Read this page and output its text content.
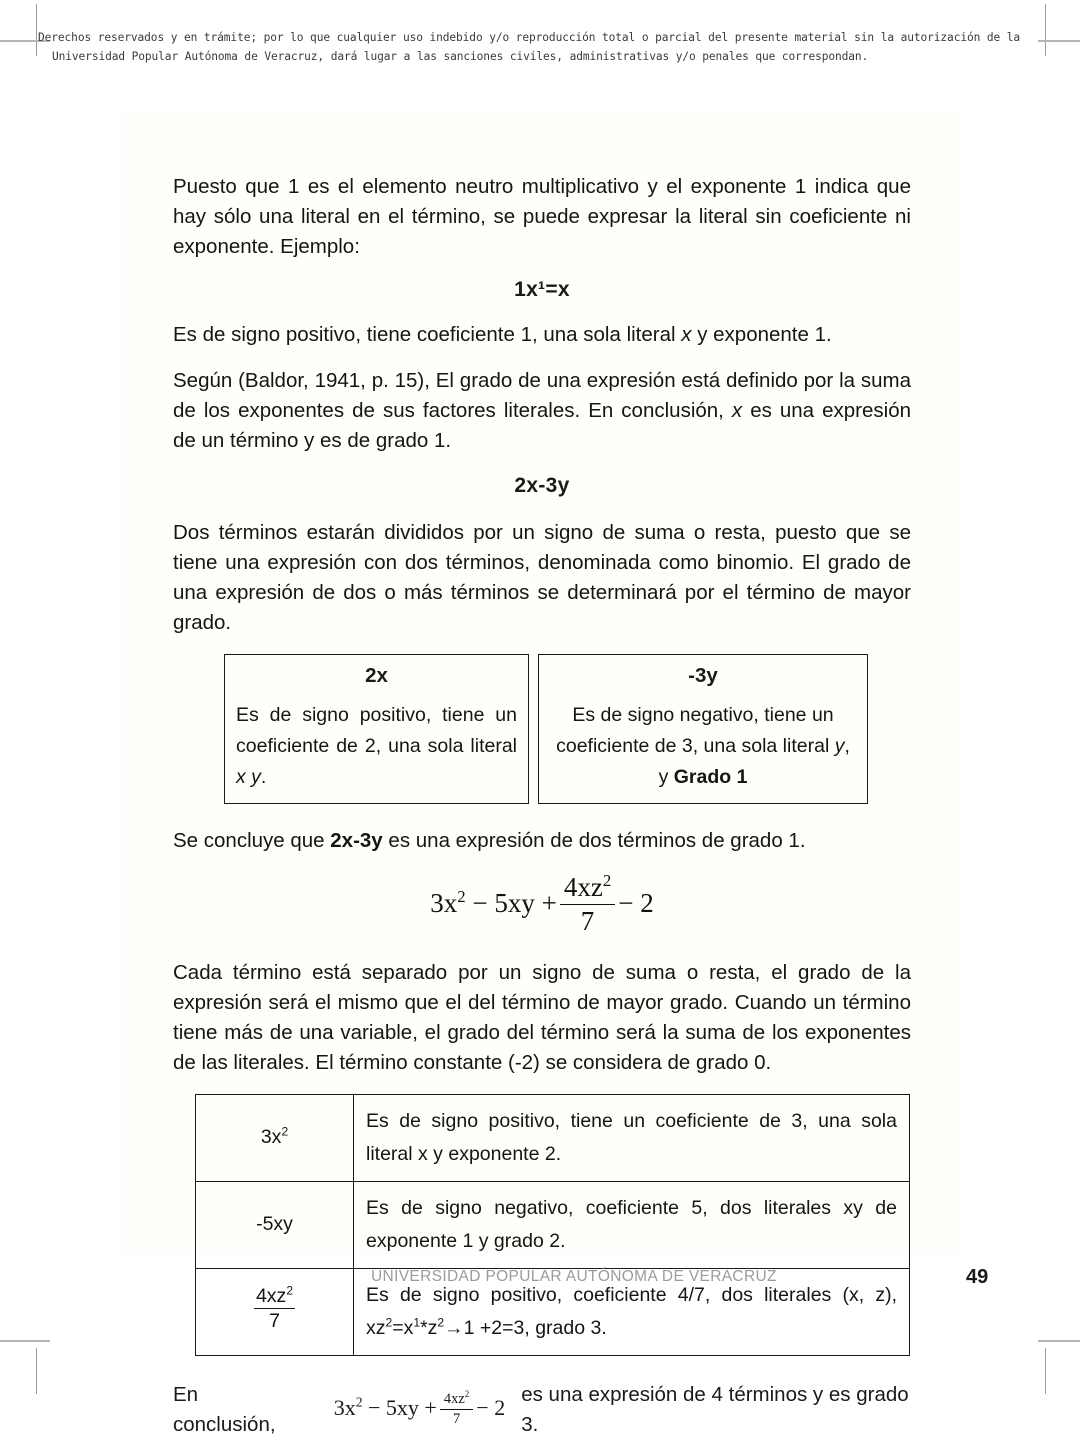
Derechos reservados y en trámite; por lo que cualquier uso indebido y/o reproducción total o parcial del presente material sin la autorización de la
Universidad Popular Autónoma de Veracruz, dará lugar a las sanciones civiles, administrativas y/o penales que correspondan.

Puesto que 1 es el elemento neutro multiplicativo y el exponente 1 indica que hay sólo una literal en el término, se puede expresar la literal sin coeficiente ni exponente. Ejemplo:

1x¹=x

Es de signo positivo, tiene coeficiente 1, una sola literal x y exponente 1.

Según (Baldor, 1941, p. 15), El grado de una expresión está definido por la suma de los exponentes de sus factores literales. En conclusión, x es una expresión de un término y es de grado 1.

2x-3y

Dos términos estarán divididos por un signo de suma o resta, puesto que se tiene una expresión con dos términos, denominada como binomio. El grado de una expresión de dos o más términos se determinará por el término de mayor grado.

2x
Es de signo positivo, tiene un coeficiente de 2, una sola literal x y.
-3y
Es de signo negativo, tiene un coeficiente de 3, una sola literal y, y Grado 1

Se concluye que 2x-3y es una expresión de dos términos de grado 1.

$3x^2 - 5xy + \frac{4xz^2}{7} - 2$

Cada término está separado por un signo de suma o resta, el grado de la expresión será el mismo que el del término de mayor grado. Cuando un término tiene más de una variable, el grado del término será la suma de los exponentes de las literales. El término constante (-2) se considera de grado 0.

$3x^2$	Es de signo positivo, tiene un coeficiente de 3, una sola literal x y exponente 2.
-5xy	Es de signo negativo, coeficiente 5, dos literales xy de exponente 1 y grado 2.

$\frac{4xz^2}{7}$	Es de signo positivo, coeficiente 4/7, dos literales (x, z), $xz^2=x^1*z^2\to 1 +2=3$, grado 3.
En conclusión,
$3x^2 - 5xy + \frac{4xz^2}{7} - 2$
es una expresión de 4 términos y es grado 3.
UNIVERSIDAD POPULAR AUTÓNOMA DE VERACRUZ	49
